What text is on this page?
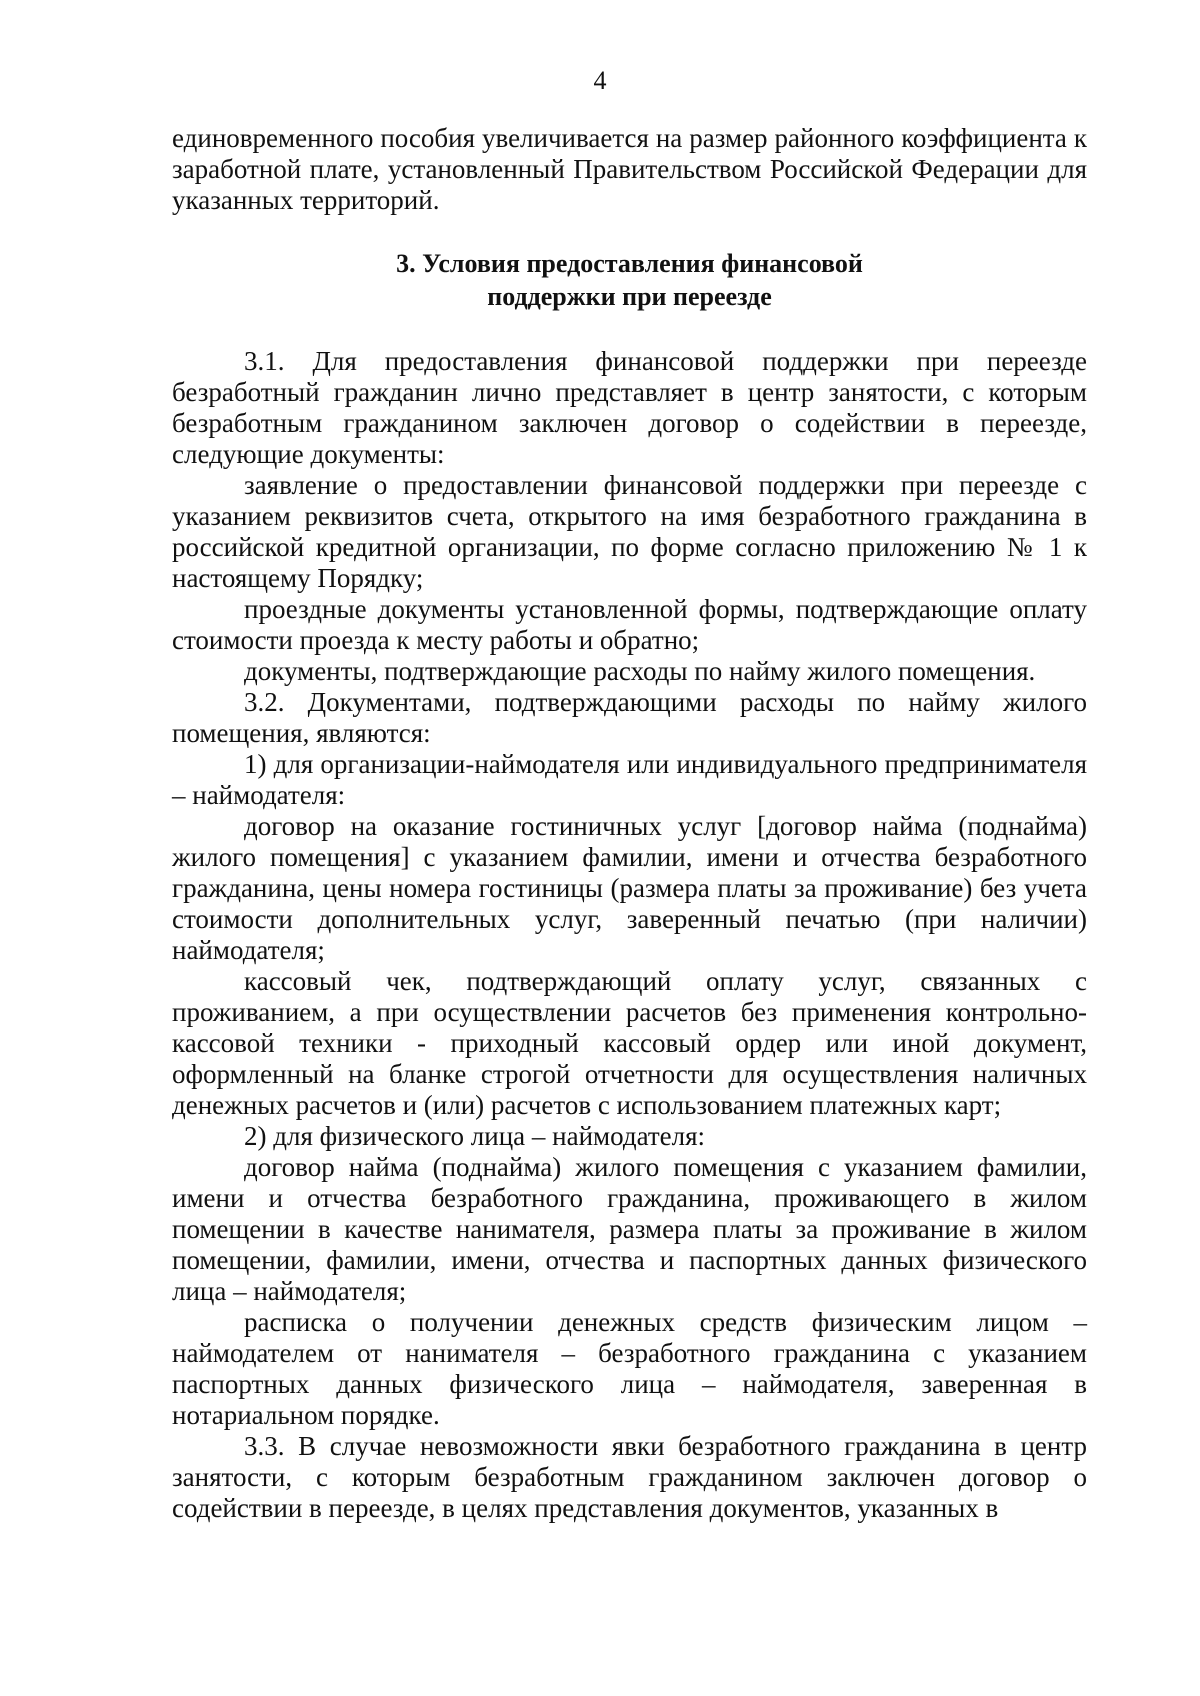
4

единовременного пособия увеличивается на размер районного коэффициента к заработной плате, установленный Правительством Российской Федерации для указанных территорий.

3. Условия предоставления финансовой

поддержки при переезде

3.1. Для предоставления финансовой поддержки при переезде безработный гражданин лично представляет в центр занятости, с которым безработным гражданином заключен договор о содействии в переезде, следующие документы:

заявление о предоставлении финансовой поддержки при переезде с указанием реквизитов счета, открытого на имя безработного гражданина в российской кредитной организации, по форме согласно приложению № 1 к настоящему Порядку;

проездные документы установленной формы, подтверждающие оплату стоимости проезда к месту работы и обратно;

документы, подтверждающие расходы по найму жилого помещения.

3.2. Документами, подтверждающими расходы по найму жилого помещения, являются:

1) для организации-наймодателя или индивидуального предпринимателя – наймодателя:

договор на оказание гостиничных услуг [договор найма (поднайма) жилого помещения] с указанием фамилии, имени и отчества безработного гражданина, цены номера гостиницы (размера платы за проживание) без учета стоимости дополнительных услуг, заверенный печатью (при наличии) наймодателя;

кассовый чек, подтверждающий оплату услуг, связанных с проживанием, а при осуществлении расчетов без применения контрольно-кассовой техники - приходный кассовый ордер или иной документ, оформленный на бланке строгой отчетности для осуществления наличных денежных расчетов и (или) расчетов с использованием платежных карт;

2) для физического лица – наймодателя:

договор найма (поднайма) жилого помещения с указанием фамилии, имени и отчества безработного гражданина, проживающего в жилом помещении в качестве нанимателя, размера платы за проживание в жилом помещении, фамилии, имени, отчества и паспортных данных физического лица – наймодателя;

расписка о получении денежных средств физическим лицом – наймодателем от нанимателя – безработного гражданина с указанием паспортных данных физического лица – наймодателя, заверенная в нотариальном порядке.

3.3. В случае невозможности явки безработного гражданина в центр занятости, с которым безработным гражданином заключен договор о содействии в переезде, в целях представления документов, указанных в
